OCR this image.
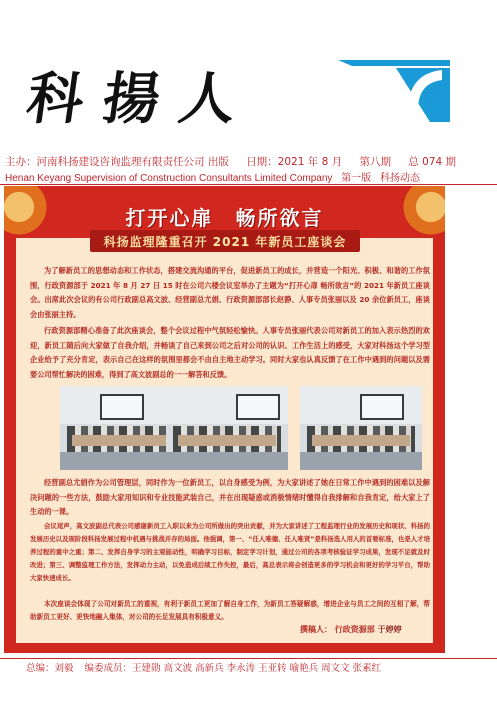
科揚人
主办：河南科扬建设咨询监理有限责任公司 出版 日期：2021 年 8 月 第八期 总 074 期
Henan Keyang Supervision of Construction Consultants Limited Company 第一版 科扬动态
打开心扉　畅所欲言
科扬监理隆重召开 2021 年新员工座谈会

为了解新员工的思想动态和工作状态，搭建交流沟通的平台，促进新员工的成长，并营造一个阳光、积极、和谐的工作氛围，行政资源部于 2021 年 8 月 27 日 15 时在公司六楼会议室举办了主题为“打开心扉 畅所欲言”的 2021 年新员工座谈会。出席此次会议的有公司行政副总高文波、经营副总尤娟、行政资源部部长赵静、人事专员张丽以及 20 余位新员工，座谈会由张丽主持。

行政资源部精心准备了此次座谈会，整个会议过程中气氛轻松愉快。人事专员张丽代表公司对新员工的加入表示热烈的欢迎，新员工随后向大家做了自我介绍，并畅谈了自己来到公司之后对公司的认识、工作生活上的感受，大家对科扬这个学习型企业给予了充分肯定，表示自己在这样的氛围里都会不由自主地主动学习。同时大家也认真反馈了在工作中遇到的问题以及需要公司帮忙解决的困难，得到了高文波副总的一一解答和反馈。

经营副总尤娟作为公司管理层，同时作为一位新员工，以自身感受为例，为大家讲述了她在日常工作中遇到的困难以及解决问题的一些方法，鼓励大家用知识和专业技能武装自己，并在出现疑惑或消极情绪时懂得自我排解和自我肯定，给大家上了生动的一课。

会议尾声，高文波副总代表公司感谢新员工入职以来为公司所做出的突出贡献，并为大家讲述了工程监理行业的发展历史和现状、科扬的发展历史以及现阶段科扬发展过程中机遇与挑战并存的局面。他强调，第一、“任人唯德、任人唯贤”是科扬选人用人的首要标准，也是人才培养过程的重中之重；第二、发挥自身学习的主观能动性，明确学习目标，制定学习计划，通过公司的各项考核验证学习成果，发现不足就及时改进；第三、调整监理工作方法，发挥动力主动，以免造成后续工作失控，最后，高总表示将会创造更多的学习机会和更好的学习平台，帮助大家快速成长。

本次座谈会体现了公司对新员工的重视，有利于新员工更加了解自身工作，为新员工答疑解惑，增进企业与员工之间的互相了解，帮助新员工更好、更快地融入集体，对公司的长足发展具有积极意义。

撰稿人： 行政资源部 于婷婷
总编：刘毅 编委成员：王建勋 高文波 高新兵 李永涛 王亚转 喻艳兵 周文文 张素红
